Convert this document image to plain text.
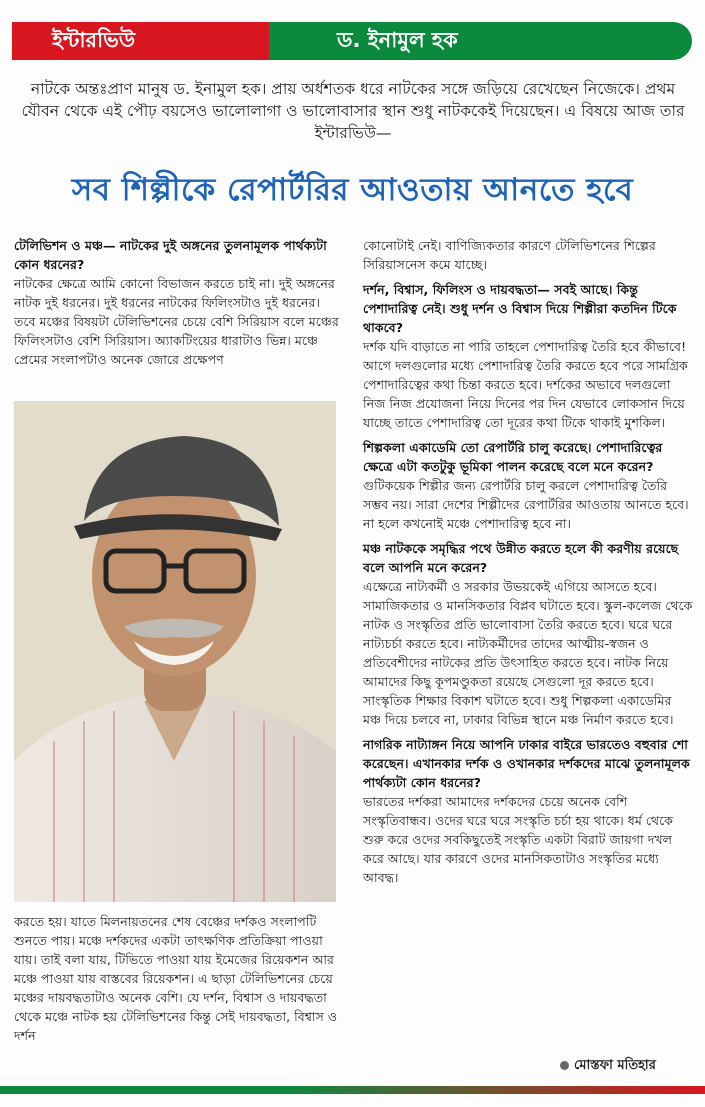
ইন্টারভিউ	ড. ইনামুল হক
নাটকে অন্তঃপ্রাণ মানুষ ড. ইনামুল হক। প্রায় অর্ধশতক ধরে নাটকের সঙ্গে জড়িয়ে রেখেছেন নিজেকে। প্রথম যৌবন থেকে এই পৌঢ় বয়সেও ভালোলাগা ও ভালোবাসার স্থান শুধু নাটককেই দিয়েছেন। এ বিষয়ে আজ তার ইন্টারভিউ—
সব শিল্পীকে রেপার্টরির আওতায় আনতে হবে

টেলিভিশন ও মঞ্চ— নাটকের দুই অঙ্গনের তুলনামূলক পার্থক্যটা কোন ধরনের?

নাটকের ক্ষেত্রে আমি কোনো বিভাজন করতে চাই না। দুই অঙ্গনের নাটক দুই ধরনের। দুই ধরনের নাটকের ফিলিংসটাও দুই ধরনের। তবে মঞ্চের বিষয়টা টেলিভিশনের চেয়ে বেশি সিরিয়াস বলে মঞ্চের ফিলিংসটাও বেশি সিরিয়াস। অ্যাকটিংয়ের ধারাটাও ভিন্ন। মঞ্চে প্রেমের সংলাপটাও অনেক জোরে প্রক্ষেপণ

করতে হয়। যাতে মিলনায়তনের শেষ বেঞ্চের দর্শকও সংলাপটি শুনতে পায়। মঞ্চে দর্শকদের একটা তাৎক্ষণিক প্রতিক্রিয়া পাওয়া যায়। তাই বলা যায়, টিভিতে পাওয়া যায় ইমেজের রিয়েকশন আর মঞ্চে পাওয়া যায় বাস্তবের রিয়েকশন। এ ছাড়া টেলিভিশনের চেয়ে মঞ্চের দায়বদ্ধতাটাও অনেক বেশি। যে দর্শন, বিশ্বাস ও দায়বদ্ধতা থেকে মঞ্চে নাটক হয় টেলিভিশনের কিন্তু সেই দায়বদ্ধতা, বিশ্বাস ও দর্শন

কোনোটাই নেই। বাণিজ্যিকতার কারণে টেলিভিশনের শিল্পের সিরিয়াসনেস কমে যাচ্ছে।

দর্শন, বিশ্বাস, ফিলিংস ও দায়বদ্ধতা— সবই আছে। কিন্তু পেশাদারিত্ব নেই। শুধু দর্শন ও বিশ্বাস দিয়ে শিল্পীরা কতদিন টিকে থাকবে?

দর্শক যদি বাড়াতে না পারি তাহলে পেশাদারিত্ব তৈরি হবে কীভাবে! আগে দলগুলোর মধ্যে পেশাদারিত্ব তৈরি করতে হবে পরে সামগ্রিক পেশাদারিত্বের কথা চিন্তা করতে হবে। দর্শকের অভাবে দলগুলো নিজ নিজ প্রযোজনা নিয়ে দিনের পর দিন যেভাবে লোকসান দিয়ে যাচ্ছে তাতে পেশাদারিত্ব তো দূরের কথা টিকে থাকাই মুশকিল।

শিল্পকলা একাডেমি তো রেপার্টরি চালু করেছে। পেশাদারিত্বের ক্ষেত্রে এটা কতটুকু ভূমিকা পালন করেছে বলে মনে করেন?

গুটিকয়েক শিল্পীর জন্য রেপার্টরি চালু করলে পেশাদারিত্ব তৈরি সম্ভব নয়। সারা দেশের শিল্পীদের রেপার্টরির আওতায় আনতে হবে। না হলে কখনোই মঞ্চে পেশাদারিত্ব হবে না।

মঞ্চ নাটককে সমৃদ্ধির পথে উন্নীত করতে হলে কী করণীয় রয়েছে বলে আপনি মনে করেন?

এক্ষেত্রে নাট্যকর্মী ও সরকার উভয়কেই এগিয়ে আসতে হবে। সামাজিকতার ও মানসিকতার বিপ্লব ঘটাতে হবে। স্কুল-কলেজ থেকে নাটক ও সংস্কৃতির প্রতি ভালোবাসা তৈরি করতে হবে। ঘরে ঘরে নাট্যচর্চা করতে হবে। নাট্যকর্মীদের তাদের আত্মীয়-স্বজন ও প্রতিবেশীদের নাটকের প্রতি উৎসাহিত করতে হবে। নাটক নিয়ে আমাদের কিছু কূপমণ্ডুকতা রয়েছে সেগুলো দূর করতে হবে। সাংস্কৃতিক শিক্ষার বিকাশ ঘটাতে হবে। শুধু শিল্পকলা একাডেমির মঞ্চ দিয়ে চলবে না, ঢাকার বিভিন্ন স্থানে মঞ্চ নির্মাণ করতে হবে।

নাগরিক নাট্যাঙ্গন নিয়ে আপনি ঢাকার বাইরে ভারতেও বহুবার শো করেছেন। এখানকার দর্শক ও ওখানকার দর্শকদের মাঝে তুলনামূলক পার্থক্যটা কোন ধরনের?

ভারতের দর্শকরা আমাদের দর্শকদের চেয়ে অনেক বেশি সংস্কৃতিবান্ধব। ওদের ঘরে ঘরে সংস্কৃতি চর্চা হয় থাকে। ধর্ম থেকে শুরু করে ওদের সবকিছুতেই সংস্কৃতি একটা বিরাট জায়গা দখল করে আছে। যার কারণে ওদের মানসিকতাটাও সংস্কৃতির মধ্যে আবদ্ধ।

মোস্তফা মতিহার
